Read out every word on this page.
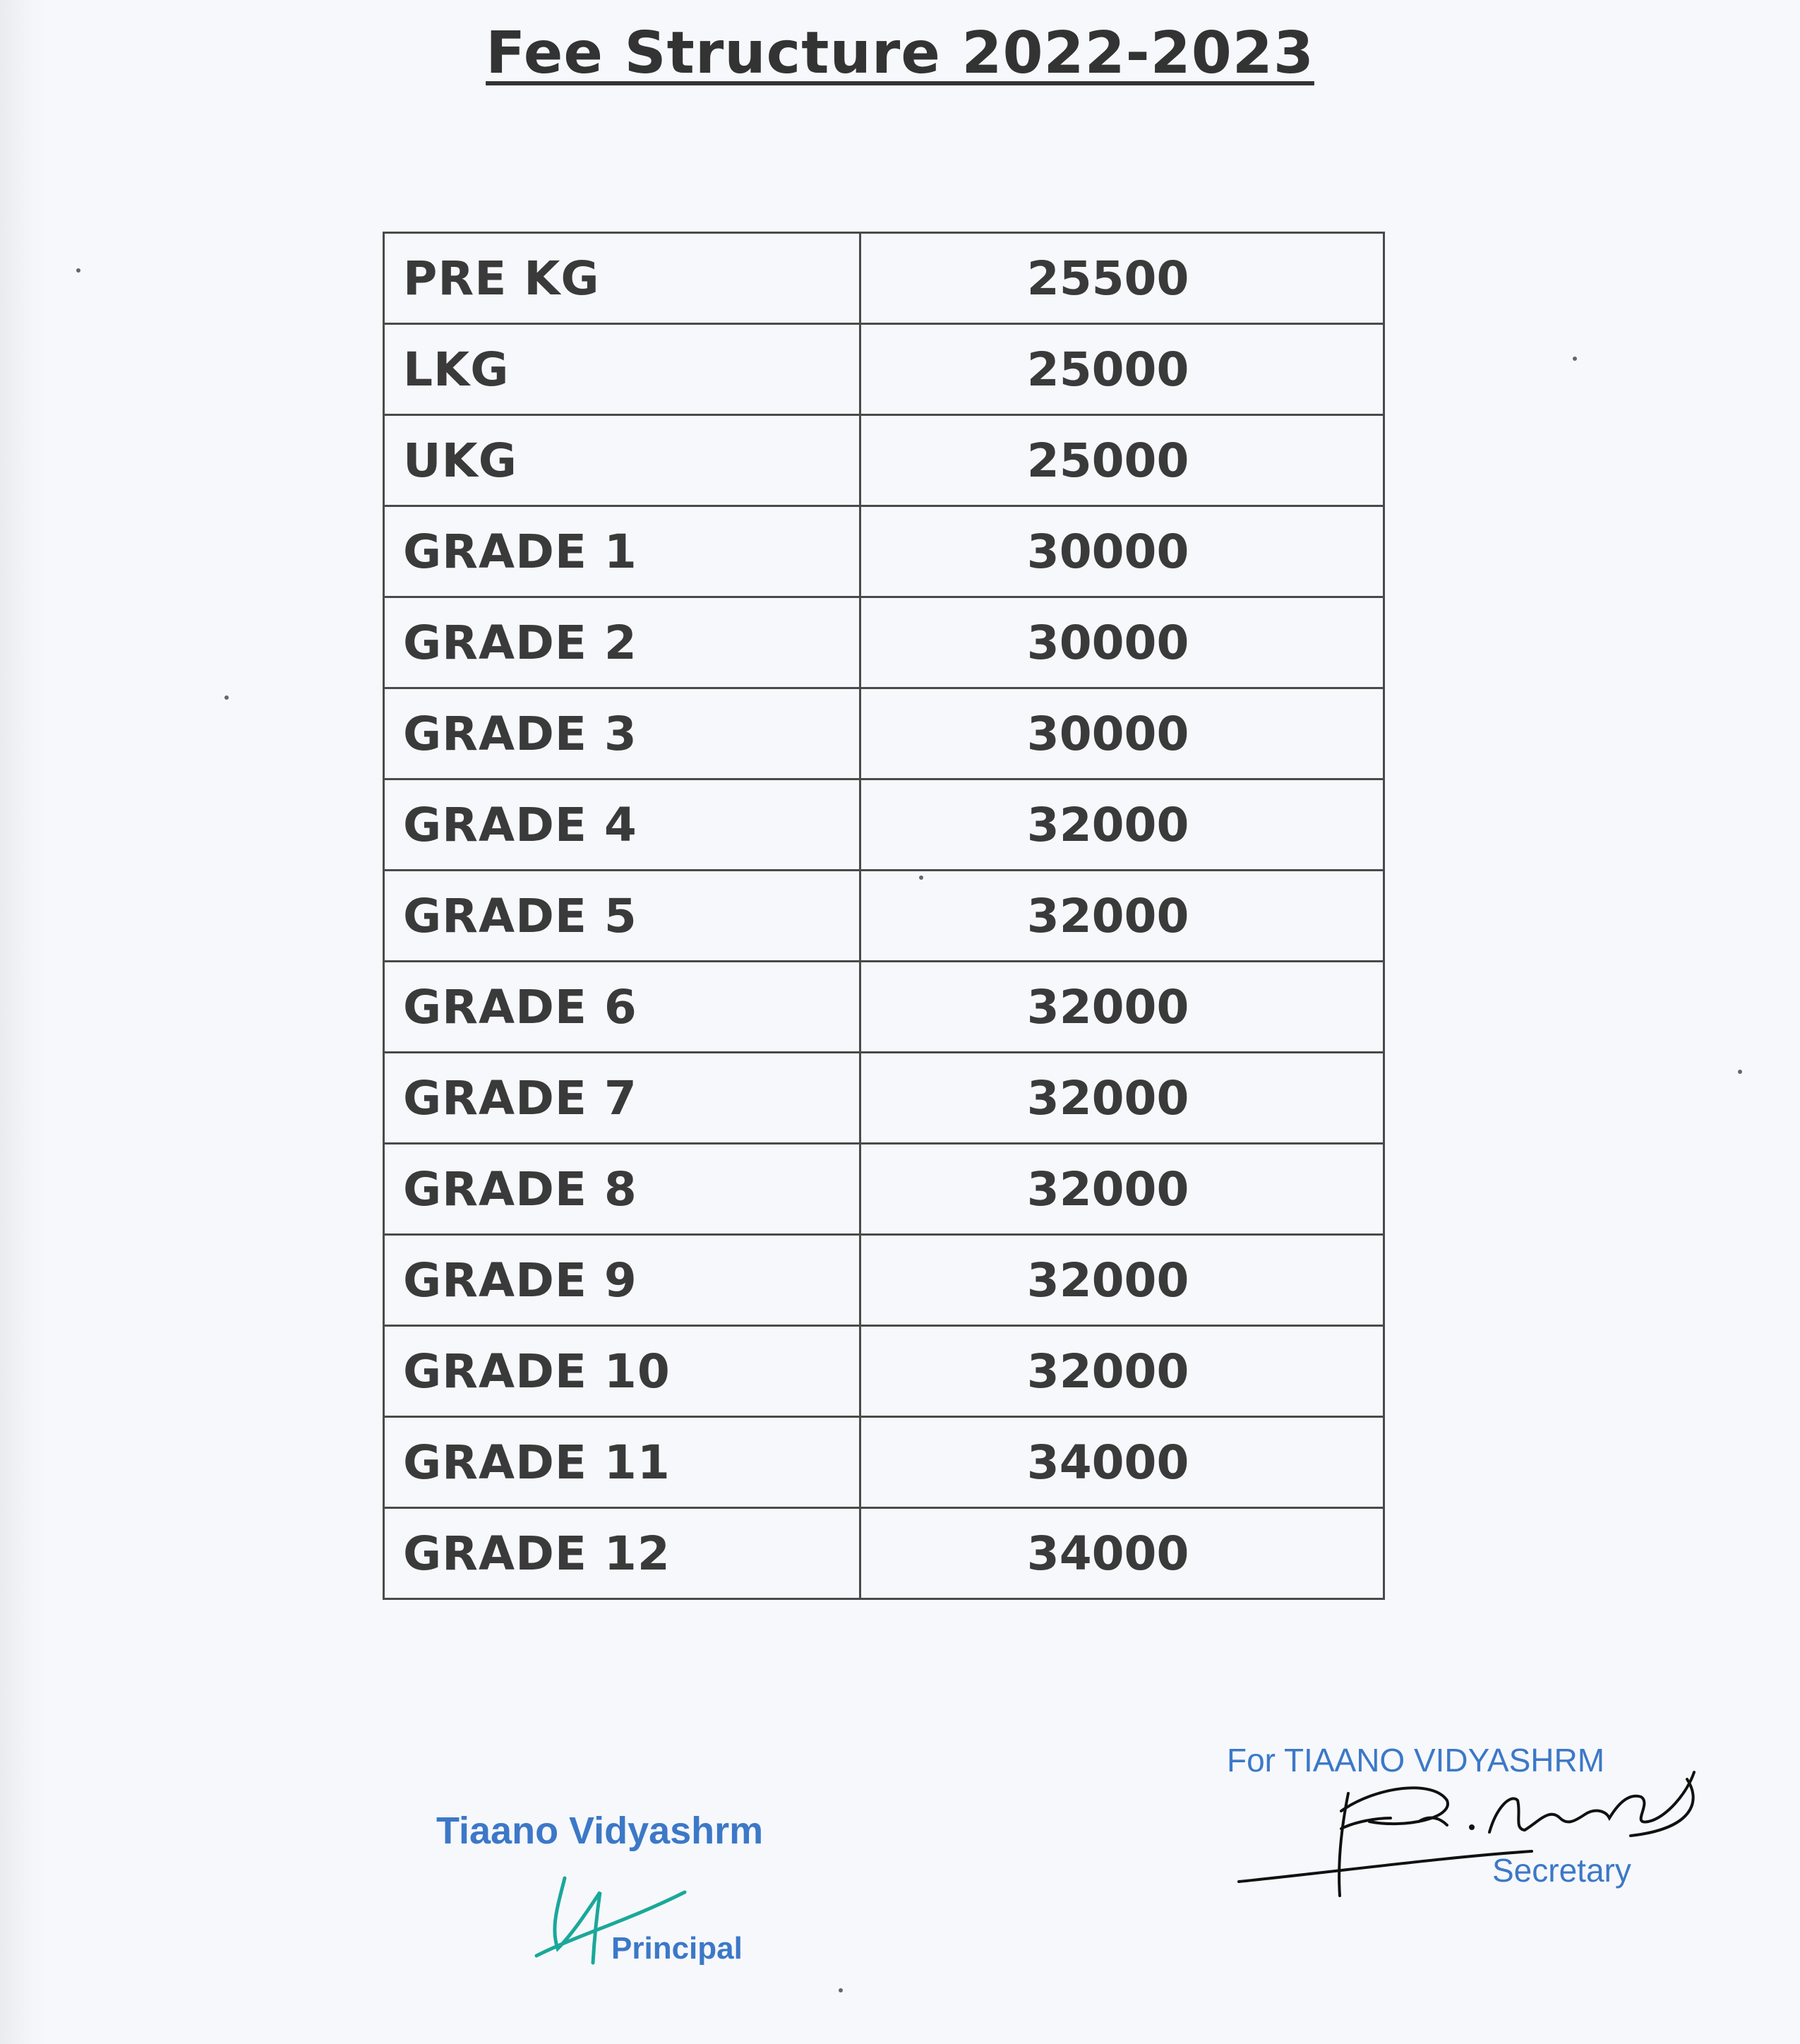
Fee Structure 2022-2023
PRE KG	25500
LKG	25000
UKG	25000
GRADE 1	30000
GRADE 2	30000
GRADE 3	30000
GRADE 4	32000
GRADE 5	32000
GRADE 6	32000
GRADE 7	32000
GRADE 8	32000
GRADE 9	32000
GRADE 10	32000
GRADE 11	34000
GRADE 12	34000
Tiaano Vidyashrm
Principal
For TIAANO VIDYASHRM
Secretary
